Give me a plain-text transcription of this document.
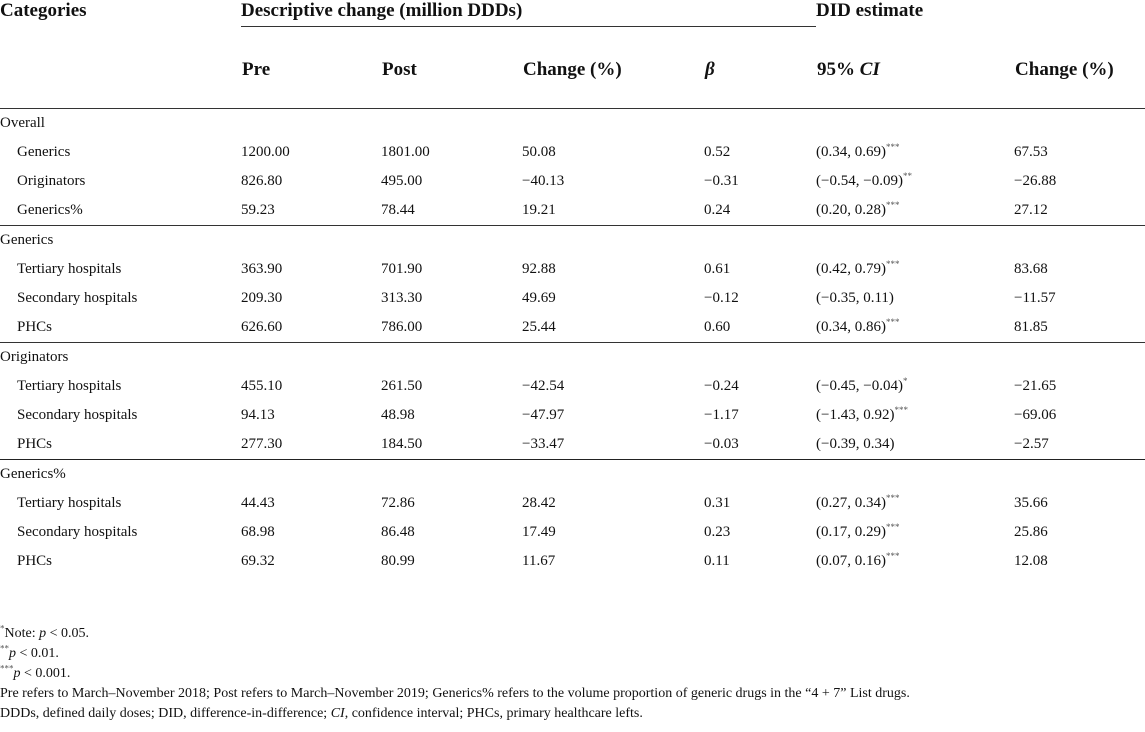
Categories	Descriptive change (million DDDs)				DID estimate	
	Pre	Post	Change (%)	β	95% CI	Change (%)
Overall						
Generics	1200.00	1801.00	50.08	0.52	(0.34, 0.69)***	67.53
Originators	826.80	495.00	−40.13	−0.31	(−0.54, −0.09)**	−26.88
Generics%	59.23	78.44	19.21	0.24	(0.20, 0.28)***	27.12
Generics						
Tertiary hospitals	363.90	701.90	92.88	0.61	(0.42, 0.79)***	83.68
Secondary hospitals	209.30	313.30	49.69	−0.12	(−0.35, 0.11)	−11.57
PHCs	626.60	786.00	25.44	0.60	(0.34, 0.86)***	81.85
Originators						
Tertiary hospitals	455.10	261.50	−42.54	−0.24	(−0.45, −0.04)*	−21.65
Secondary hospitals	94.13	48.98	−47.97	−1.17	(−1.43, 0.92)***	−69.06
PHCs	277.30	184.50	−33.47	−0.03	(−0.39, 0.34)	−2.57
Generics%						
Tertiary hospitals	44.43	72.86	28.42	0.31	(0.27, 0.34)***	35.66
Secondary hospitals	68.98	86.48	17.49	0.23	(0.17, 0.29)***	25.86
PHCs	69.32	80.99	11.67	0.11	(0.07, 0.16)***	12.08
*Note: p < 0.05.
**p < 0.01.
***p < 0.001.
Pre refers to March–November 2018; Post refers to March–November 2019; Generics% refers to the volume proportion of generic drugs in the “4 + 7” List drugs.
DDDs, defined daily doses; DID, difference-in-difference; CI, confidence interval; PHCs, primary healthcare lefts.
